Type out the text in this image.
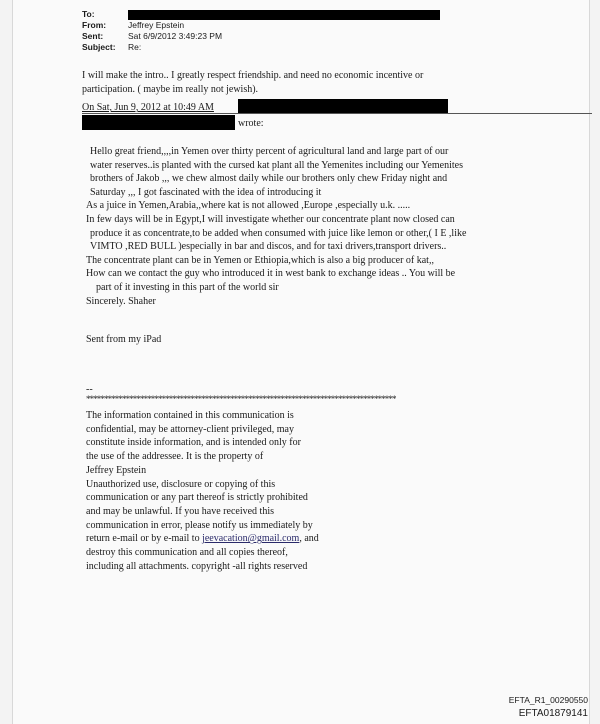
To:
From:	Jeffrey Epstein
Sent:	Sat 6/9/2012 3:49:23 PM
Subject:	Re:
I will make the intro.. I greatly respect friendship. and need no economic incentive or
participation. ( maybe im really not jewish).
On Sat, Jun 9, 2012 at 10:49 AM
wrote:
Hello great friend,,,,in Yemen over thirty percent of agricultural land and large part of our
water reserves..is planted with the cursed kat plant all the Yemenites including our Yemenites
brothers of Jakob ,,, we chew almost daily while our brothers only chew Friday night and
Saturday ,,, I got fascinated with the idea of introducing it
As a juice in Yemen,Arabia,,where kat is not allowed ,Europe ,especially u.k. .....
In few days will be in Egypt,I will investigate whether our concentrate plant now closed can
produce it as concentrate,to be added when consumed with juice like lemon or other,( I E ,like
VIMTO ,RED BULL )especially in bar and discos, and for taxi drivers,transport drivers..
The concentrate plant can be in Yemen or Ethiopia,which is also a big producer of kat,,
How can we contact the guy who introduced it in west bank to exchange ideas .. You will be
part of it investing in this part of the world sir
Sincerely. Shaher
Sent from my iPad
--
**************************************************************************************
The information contained in this communication is
confidential, may be attorney-client privileged, may
constitute inside information, and is intended only for
the use of the addressee. It is the property of
Jeffrey Epstein
Unauthorized use, disclosure or copying of this
communication or any part thereof is strictly prohibited
and may be unlawful. If you have received this
communication in error, please notify us immediately by
return e-mail or by e-mail to jeevacation@gmail.com, and
destroy this communication and all copies thereof,
including all attachments. copyright -all rights reserved
EFTA_R1_00290550
EFTA01879141
